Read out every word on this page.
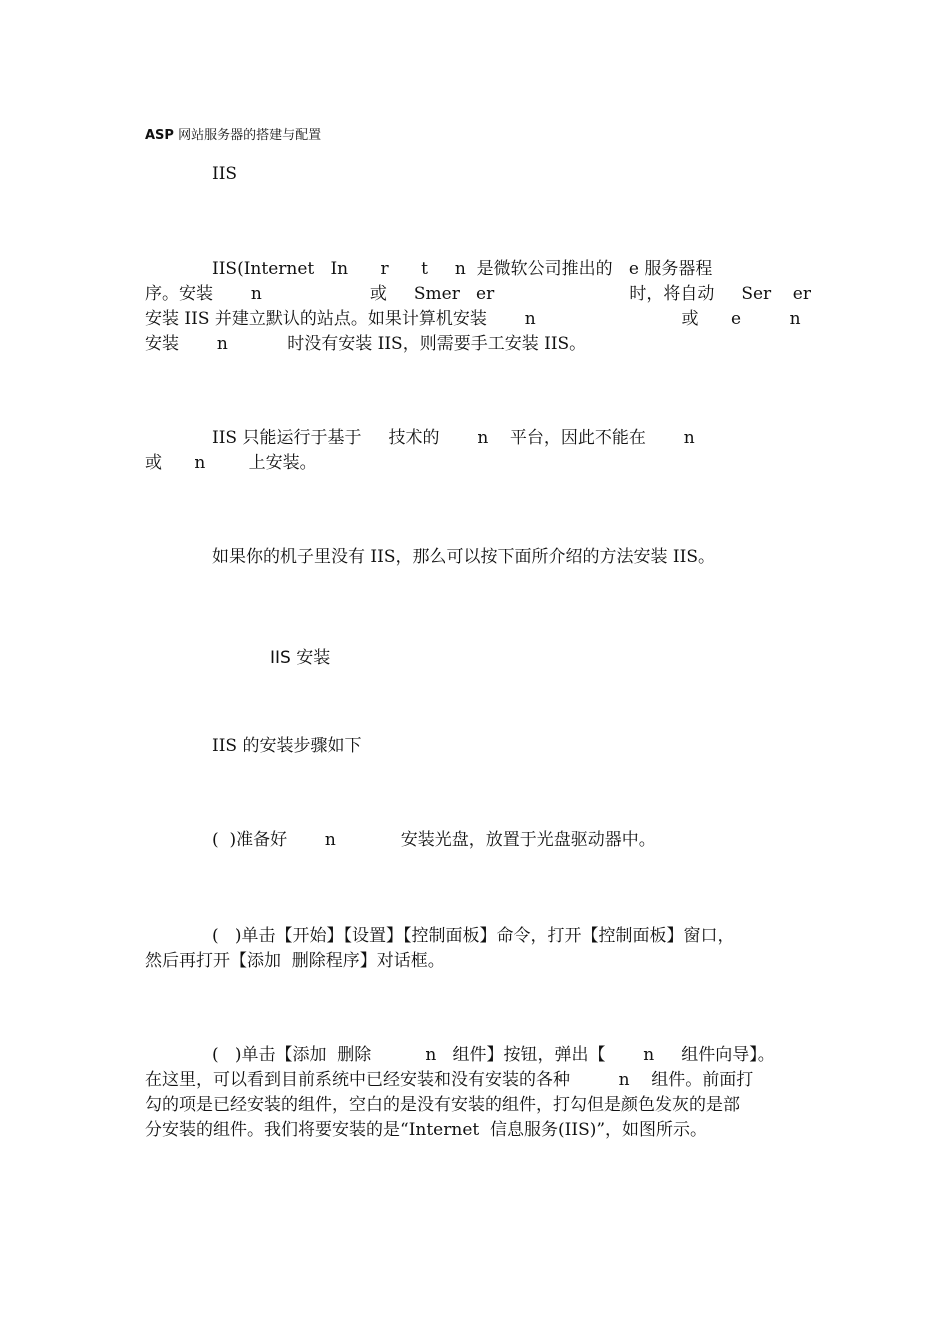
ASP 网站服务器的搭建与配置
IIS
IIS(Internet   In      r      t     n  是微软公司推出的   e 服务器程
序。安装       n                    或     Smer   er                         时，将自动     Ser    er
安装 IIS 并建立默认的站点。如果计算机安装       n                           或      e         n
安装       n           时没有安装 IIS，则需要手工安装 IIS。
IIS 只能运行于基于     技术的       n    平台，因此不能在       n
或      n        上安装。
如果你的机子里没有 IIS，那么可以按下面所介绍的方法安装 IIS。
IIS 安装
IIS 的安装步骤如下
(  )准备好       n            安装光盘，放置于光盘驱动器中。
(   )单击【开始】【设置】【控制面板】命令，打开【控制面板】窗口，
然后再打开【添加  删除程序】对话框。
(   )单击【添加  删除          n   组件】按钮，弹出【       n     组件向导】。
在这里，可以看到目前系统中已经安装和没有安装的各种         n    组件。前面打
勾的项是已经安装的组件，空白的是没有安装的组件，打勾但是颜色发灰的是部
分安装的组件。我们将要安装的是“Internet  信息服务(IIS)”，如图所示。
